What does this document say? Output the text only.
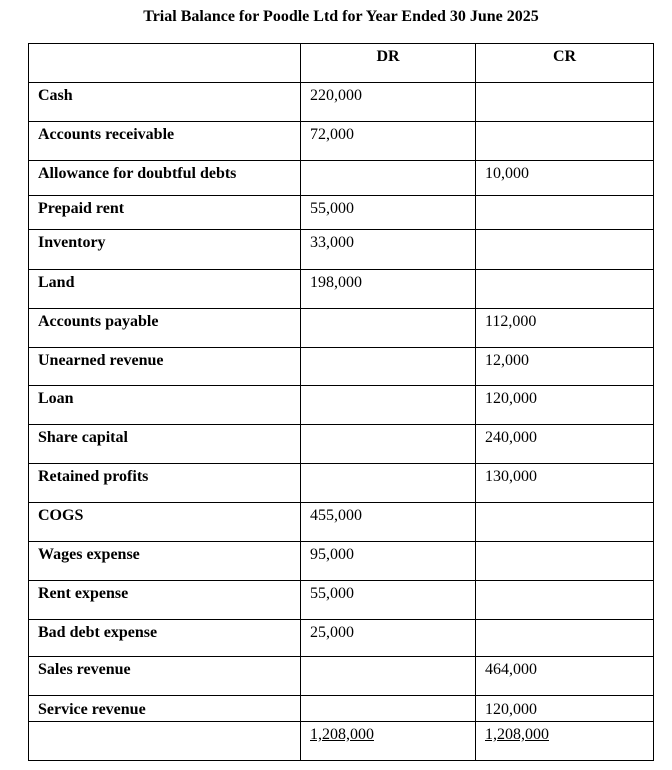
Trial Balance for Poodle Ltd for Year Ended 30 June 2025
	DR	CR
Cash	220,000	
Accounts receivable	72,000	
Allowance for doubtful debts		10,000
Prepaid rent	55,000	
Inventory	33,000	
Land	198,000	
Accounts payable		112,000
Unearned revenue		12,000
Loan		120,000
Share capital		240,000
Retained profits		130,000
COGS	455,000	
Wages expense	95,000	
Rent expense	55,000	
Bad debt expense	25,000	
Sales revenue		464,000
Service revenue		120,000
	1,208,000	1,208,000
